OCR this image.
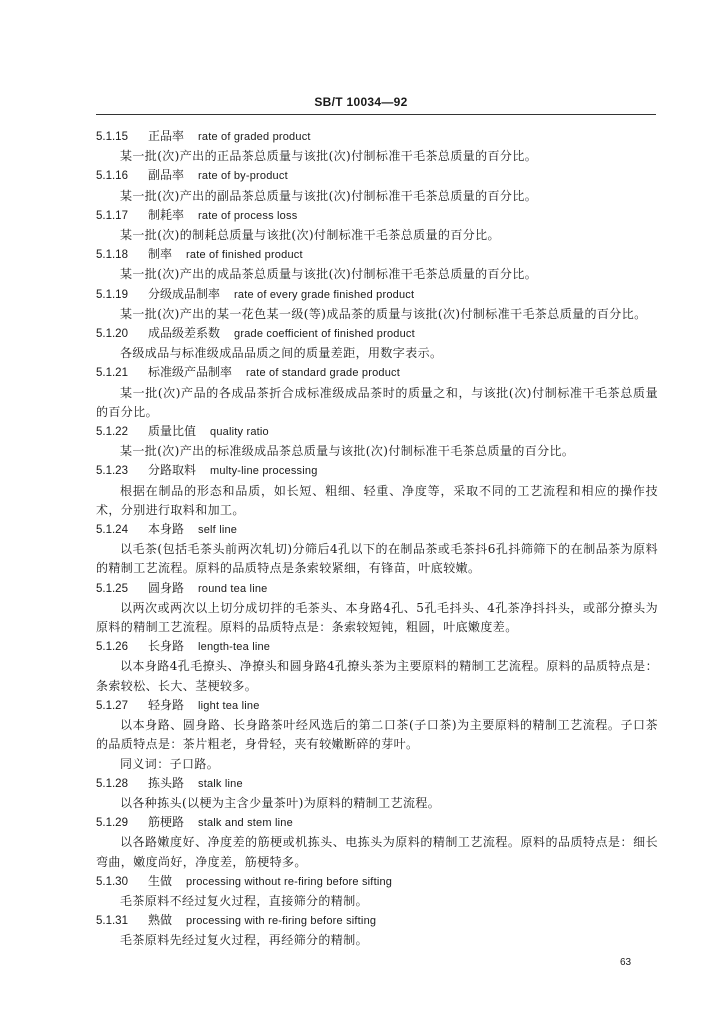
SB/T 10034—92
5.1.15 正品率 rate of graded product
某一批(次)产出的正品茶总质量与该批(次)付制标准干毛茶总质量的百分比。
5.1.16 副品率 rate of by-product
某一批(次)产出的副品茶总质量与该批(次)付制标准干毛茶总质量的百分比。
5.1.17 制耗率 rate of process loss
某一批(次)的制耗总质量与该批(次)付制标准干毛茶总质量的百分比。
5.1.18 制率 rate of finished product
某一批(次)产出的成品茶总质量与该批(次)付制标准干毛茶总质量的百分比。
5.1.19 分级成品制率 rate of every grade finished product
某一批(次)产出的某一花色某一级(等)成品茶的质量与该批(次)付制标准干毛茶总质量的百分比。
5.1.20 成品级差系数 grade coefficient of finished product
各级成品与标准级成品品质之间的质量差距，用数字表示。
5.1.21 标准级产品制率 rate of standard grade product
某一批(次)产品的各成品茶折合成标准级成品茶时的质量之和，与该批(次)付制标准干毛茶总质量的百分比。
5.1.22 质量比值 quality ratio
某一批(次)产出的标准级成品茶总质量与该批(次)付制标准干毛茶总质量的百分比。
5.1.23 分路取料 multy-line processing
根据在制品的形态和品质，如长短、粗细、轻重、净度等，采取不同的工艺流程和相应的操作技术，分别进行取料和加工。
5.1.24 本身路 self line
以毛茶(包括毛茶头前两次轧切)分筛后4孔以下的在制品茶或毛茶抖6孔抖筛筛下的在制品茶为原料的精制工艺流程。原料的品质特点是条索较紧细，有锋苗，叶底较嫩。
5.1.25 圆身路 round tea line
以两次或两次以上切分成切拌的毛茶头、本身路4孔、5孔毛抖头、4孔茶净抖抖头，或部分撩头为原料的精制工艺流程。原料的品质特点是：条索较短钝，粗圆，叶底嫩度差。
5.1.26 长身路 length-tea line
以本身路4孔毛撩头、净撩头和圆身路4孔撩头茶为主要原料的精制工艺流程。原料的品质特点是：条索较松、长大、茎梗较多。
5.1.27 轻身路 light tea line
以本身路、圆身路、长身路茶叶经风选后的第二口茶(子口茶)为主要原料的精制工艺流程。子口茶的品质特点是：茶片粗老，身骨轻，夹有较嫩断碎的芽叶。
同义词：子口路。
5.1.28 拣头路 stalk line
以各种拣头(以梗为主含少量茶叶)为原料的精制工艺流程。
5.1.29 筋梗路 stalk and stem line
以各路嫩度好、净度差的筋梗或机拣头、电拣头为原料的精制工艺流程。原料的品质特点是：细长弯曲，嫩度尚好，净度差，筋梗特多。
5.1.30 生做 processing without re-firing before sifting
毛茶原料不经过复火过程，直接筛分的精制。
5.1.31 熟做 processing with re-firing before sifting
毛茶原料先经过复火过程，再经筛分的精制。
63
